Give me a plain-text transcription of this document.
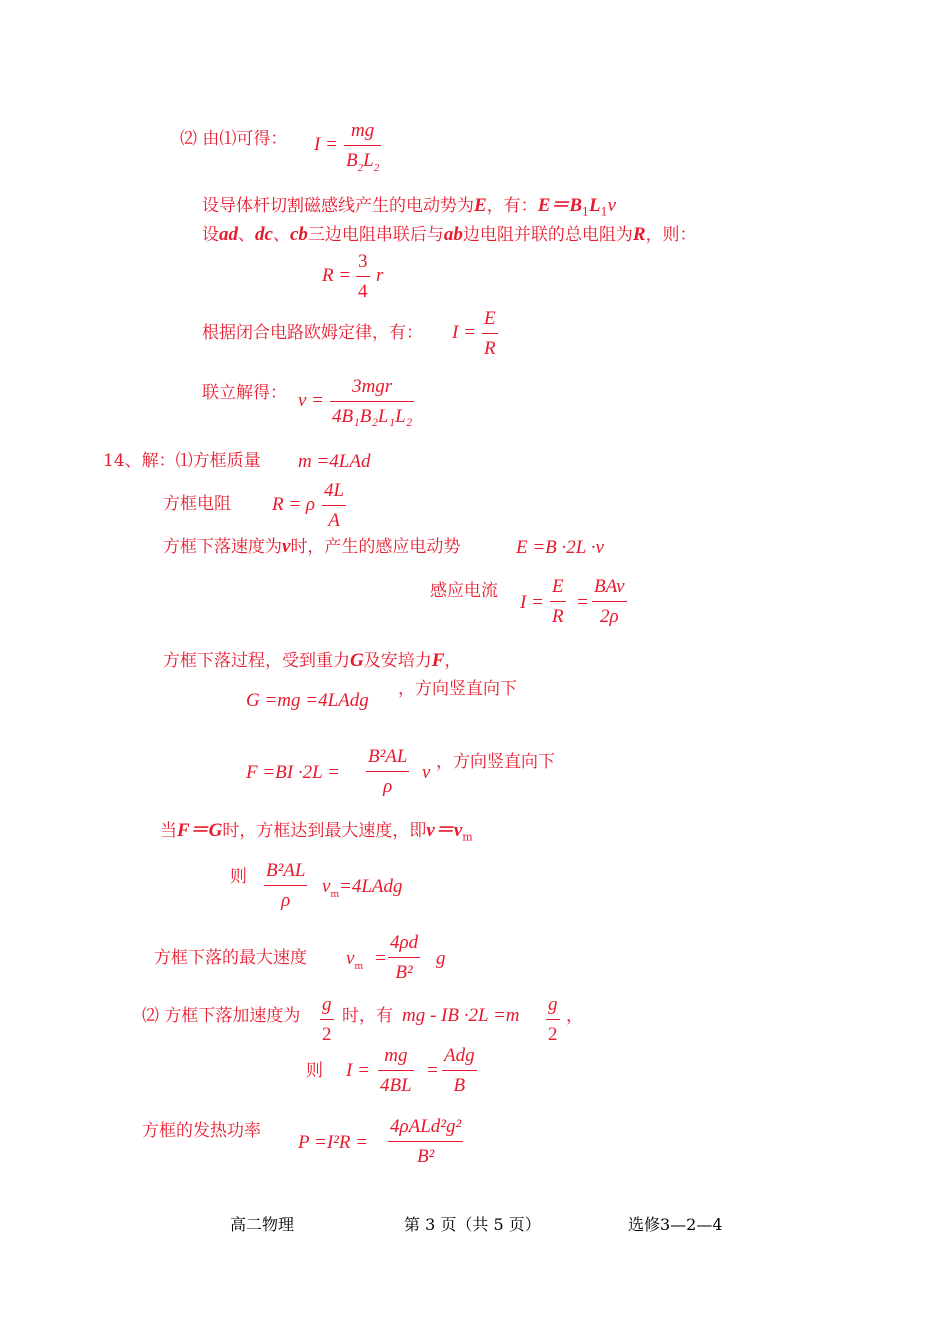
⑵ 由⑴可得： I =
mg
$B_2L_2$
设导体杆切割磁感线产生的电动势为E，有：$E=B_1L_1v$
设ad、dc、cb三边电阻串联后与ab边电阻并联的总电阻为R，则：
R =
3
4
r
根据闭合电路欧姆定律，有： I =
E
R
联立解得： v =
3mgr
4B₁B₂L₁L₂
14、解：⑴方框质量 m =4LAd
方框电阻 R = ρ
4L
A
方框下落速度为v时，产生的感应电动势	E =B ·2L ·v
感应电流
I =
E
R
=
BAv
2ρ
方框下落过程，受到重力G及安培力F，
G =mg =4LAdg
，方向竖直向下
F =BI ·2L =
B²AL
ρ
v ，方向竖直向下
当F＝G时，方框达到最大速度，即$v=v_m$
则 B²AL
ρ
$v_m=4LAdg$
方框下落的最大速度 $v_m$ =
4ρd
B²
g
⑵ 方框下落加速度为
g
2
时，有 mg - IB ·2L =m
g
2
，
则 I =
mg
4BL
=
Adg
B
方框的发热功率
P =I²R =
4ρALd²g²
B²
高二物理	第 3 页（共 5 页）	选修3—2—4
